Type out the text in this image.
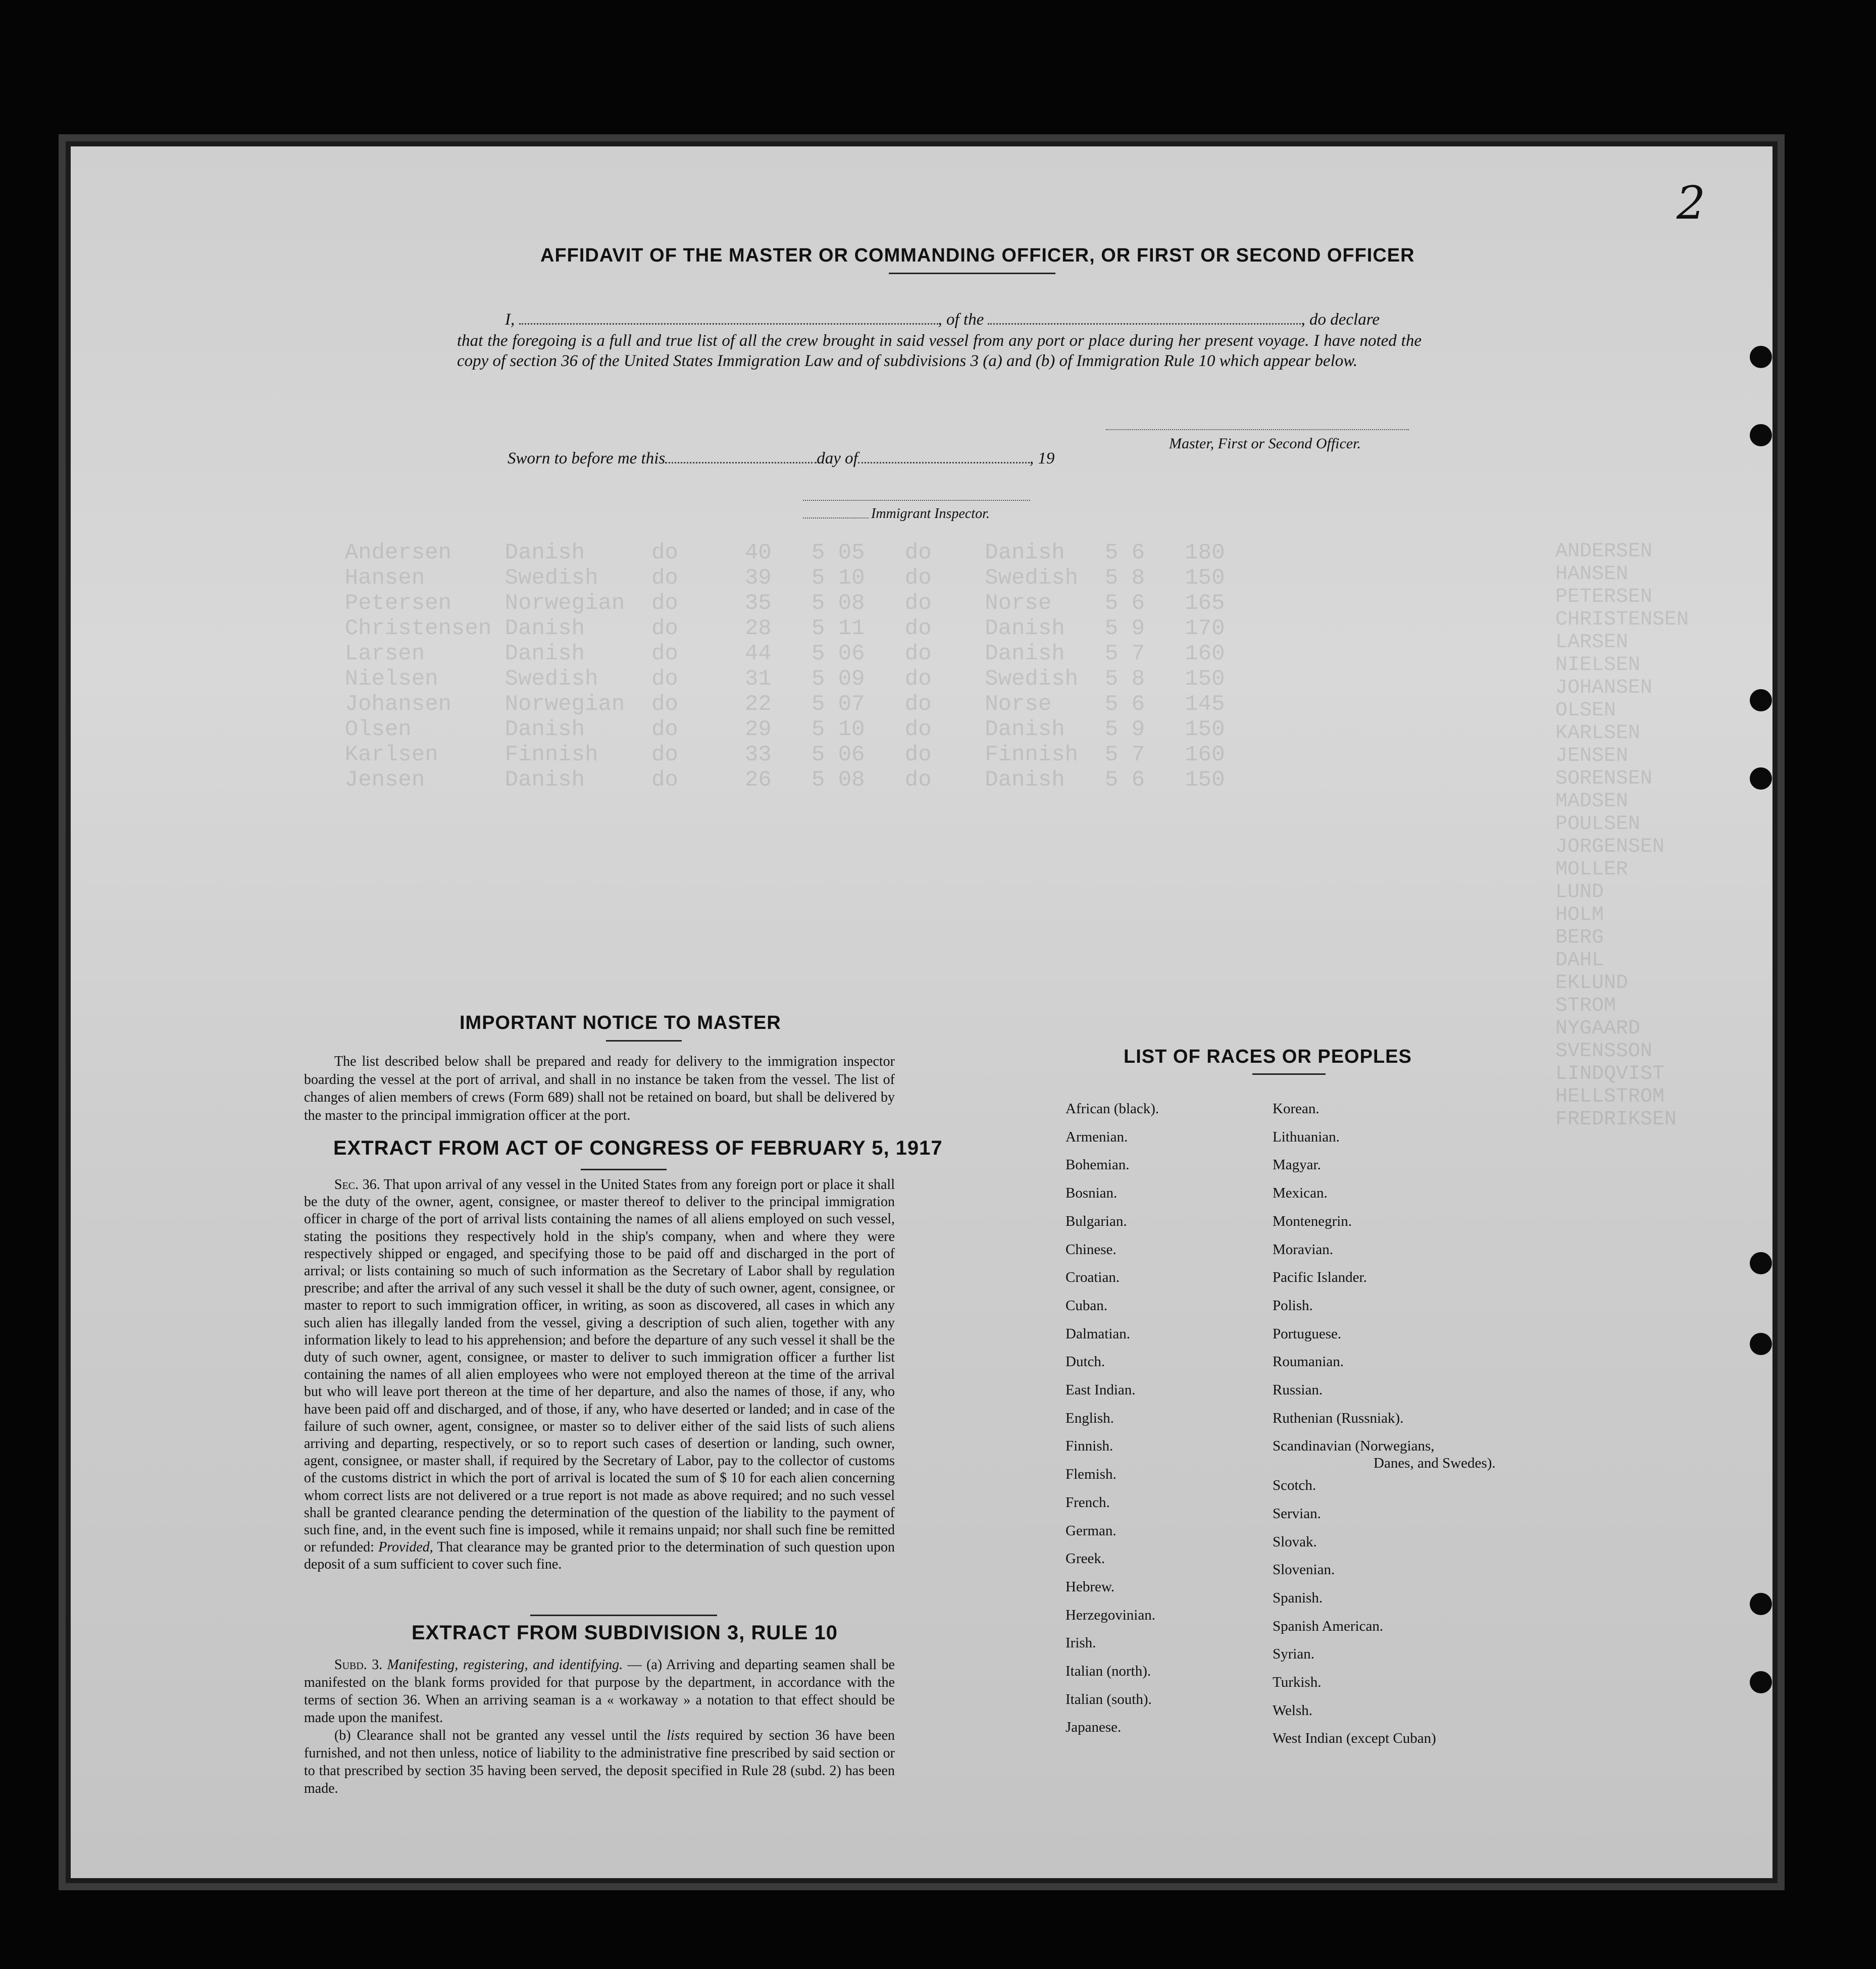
Andersen    Danish     do     40   5 05   do    Danish   5 6   180
Hansen      Swedish    do     39   5 10   do    Swedish  5 8   150
Petersen    Norwegian  do     35   5 08   do    Norse    5 6   165
Christensen Danish     do     28   5 11   do    Danish   5 9   170
Larsen      Danish     do     44   5 06   do    Danish   5 7   160
Nielsen     Swedish    do     31   5 09   do    Swedish  5 8   150
Johansen    Norwegian  do     22   5 07   do    Norse    5 6   145
Olsen       Danish     do     29   5 10   do    Danish   5 9   150
Karlsen     Finnish    do     33   5 06   do    Finnish  5 7   160
Jensen      Danish     do     26   5 08   do    Danish   5 6   150
ANDERSEN
HANSEN
PETERSEN
CHRISTENSEN
LARSEN
NIELSEN
JOHANSEN
OLSEN
KARLSEN
JENSEN
SORENSEN
MADSEN
POULSEN
JORGENSEN
MOLLER
LUND
HOLM
BERG
DAHL
EKLUND
STROM
NYGAARD
SVENSSON
LINDQVIST
HELLSTROM
FREDRIKSEN
2
AFFIDAVIT OF THE MASTER OR COMMANDING OFFICER, OR FIRST OR SECOND OFFICER
I,	, of the	, do declare
that the foregoing is a full and true list of all the crew brought in said vessel from any port or place during her present voyage. I have noted the copy of section 36 of the United States Immigration Law and of subdivisions 3 (a) and (b) of Immigration Rule 10 which appear below.
Master, First or Second Officer.
Sworn to before me this	day of	, 19
Immigrant Inspector.
IMPORTANT NOTICE TO MASTER
The list described below shall be prepared and ready for delivery to the immigration inspector boarding the vessel at the port of arrival, and shall in no instance be taken from the vessel. The list of changes of alien members of crews (Form 689) shall not be retained on board, but shall be delivered by the master to the principal immigration officer at the port.
EXTRACT FROM ACT OF CONGRESS OF FEBRUARY 5, 1917
Sec. 36. That upon arrival of any vessel in the United States from any foreign port or place it shall be the duty of the owner, agent, consignee, or master thereof to deliver to the principal immigration officer in charge of the port of arrival lists containing the names of all aliens employed on such vessel, stating the positions they respectively hold in the ship's company, when and where they were respectively shipped or engaged, and specifying those to be paid off and discharged in the port of arrival; or lists containing so much of such information as the Secretary of Labor shall by regulation prescribe; and after the arrival of any such vessel it shall be the duty of such owner, agent, consignee, or master to report to such immigration officer, in writing, as soon as discovered, all cases in which any such alien has illegally landed from the vessel, giving a description of such alien, together with any information likely to lead to his apprehension; and before the departure of any such vessel it shall be the duty of such owner, agent, consignee, or master to deliver to such immigration officer a further list containing the names of all alien employees who were not employed thereon at the time of the arrival but who will leave port thereon at the time of her departure, and also the names of those, if any, who have been paid off and discharged, and of those, if any, who have deserted or landed; and in case of the failure of such owner, agent, consignee, or master so to deliver either of the said lists of such aliens arriving and departing, respectively, or so to report such cases of desertion or landing, such owner, agent, consignee, or master shall, if required by the Secretary of Labor, pay to the collector of customs of the customs district in which the port of arrival is located the sum of $ 10 for each alien concerning whom correct lists are not delivered or a true report is not made as above required; and no such vessel shall be granted clearance pending the determination of the question of the liability to the payment of such fine, and, in the event such fine is imposed, while it remains unpaid; nor shall such fine be remitted or refunded: Provided, That clearance may be granted prior to the determination of such question upon deposit of a sum sufficient to cover such fine.
EXTRACT FROM SUBDIVISION 3, RULE 10
Subd. 3. Manifesting, registering, and identifying. — (a) Arriving and departing seamen shall be manifested on the blank forms provided for that purpose by the department, in accordance with the terms of section 36. When an arriving seaman is a « workaway » a notation to that effect should be made upon the manifest.
(b) Clearance shall not be granted any vessel until the lists required by section 36 have been furnished, and not then unless, notice of liability to the administrative fine prescribed by said section or to that prescribed by section 35 having been served, the deposit specified in Rule 28 (subd. 2) has been made.
LIST OF RACES OR PEOPLES
Danes, and Swedes).
African (black).
Armenian.
Bohemian.
Bosnian.
Bulgarian.
Chinese.
Croatian.
Cuban.
Dalmatian.
Dutch.
East Indian.
English.
Finnish.
Flemish.
French.
German.
Greek.
Hebrew.
Herzegovinian.
Irish.
Italian (north).
Italian (south).
Japanese.
Korean.
Lithuanian.
Magyar.
Mexican.
Montenegrin.
Moravian.
Pacific Islander.
Polish.
Portuguese.
Roumanian.
Russian.
Ruthenian (Russniak).
Scandinavian (Norwegians,
Scotch.
Servian.
Slovak.
Slovenian.
Spanish.
Spanish American.
Syrian.
Turkish.
Welsh.
West Indian (except Cuban)
